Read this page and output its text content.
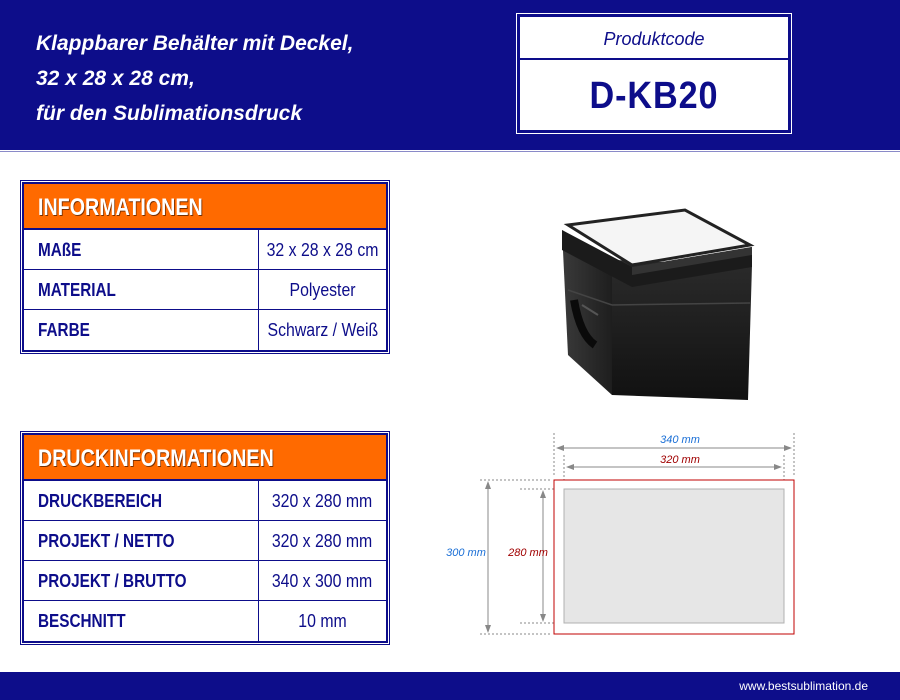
Klappbarer Behälter mit Deckel,
32 x 28 x 28 cm,
für den Sublimationsdruck
Produktcode
D-KB20
INFORMATIONEN
MAßE	32 x 28 x 28 cm
MATERIAL	Polyester
FARBE	Schwarz / Weiß
DRUCKINFORMATIONEN
DRUCKBEREICH	320 x 280 mm
PROJEKT / NETTO	320 x 280 mm
PROJEKT / BRUTTO	340 x 300 mm
BESCHNITT	10 mm
340 mm
320 mm
300 mm 280 mm
www.bestsublimation.de
